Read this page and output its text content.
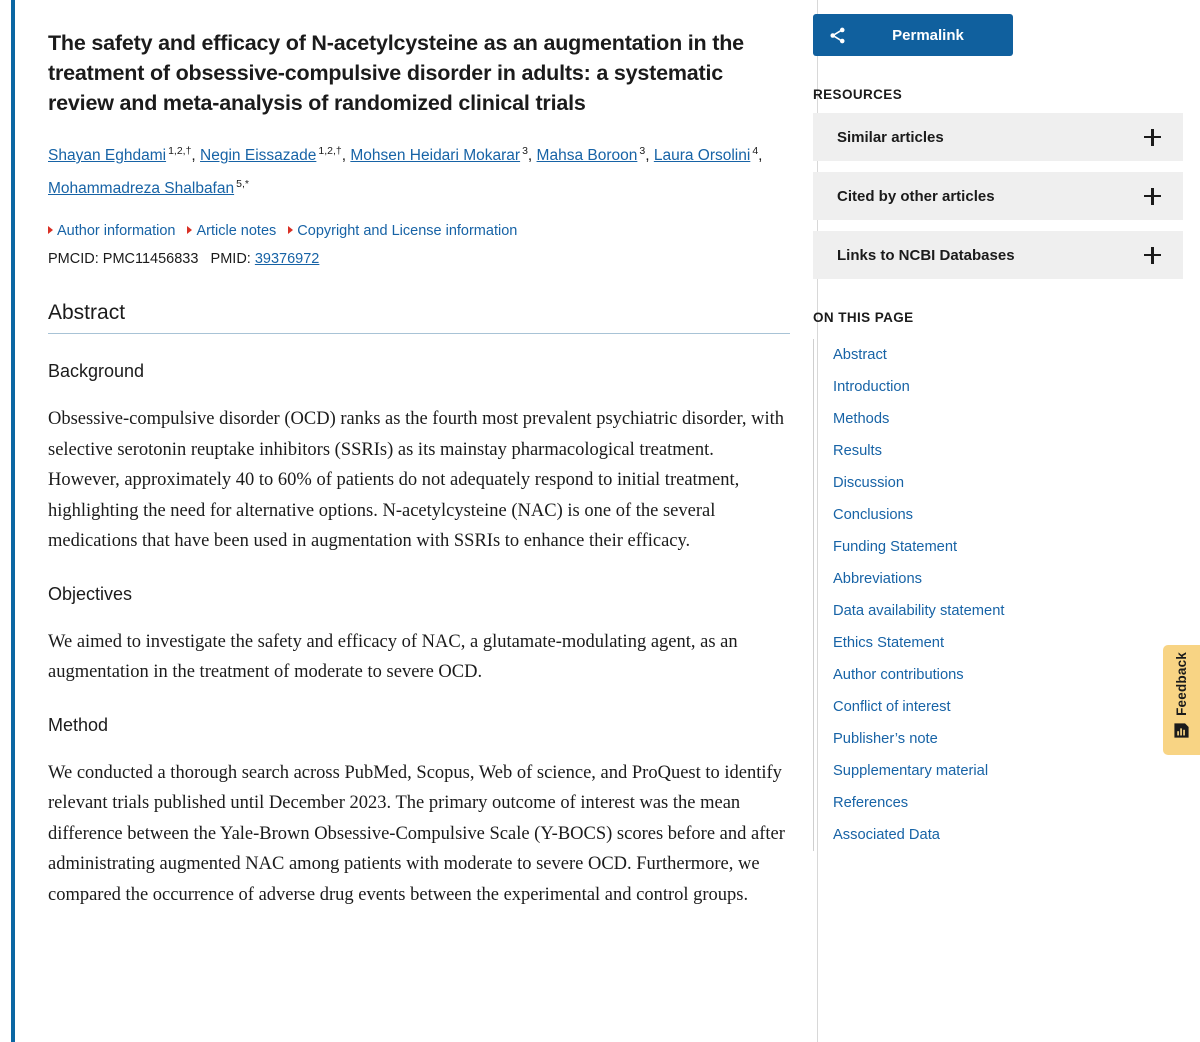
The safety and efficacy of N-acetylcysteine as an augmentation in the treatment of obsessive-compulsive disorder in adults: a systematic review and meta-analysis of randomized clinical trials
Shayan Eghdami $^{1,2,\dagger}$, Negin Eissazade $^{1,2,\dagger}$, Mohsen Heidari Mokarar $^3$, Mahsa Boroon $^3$, Laura Orsolini $^4$, Mohammadreza Shalbafan $^{5,*}$
Author information Article notes Copyright and License information
PMCID: PMC11456833 PMID: 39376972
Abstract
Background

Obsessive-compulsive disorder (OCD) ranks as the fourth most prevalent psychiatric disorder, with selective serotonin reuptake inhibitors (SSRIs) as its mainstay pharmacological treatment. However, approximately 40 to 60% of patients do not adequately respond to initial treatment, highlighting the need for alternative options. N-acetylcysteine (NAC) is one of the several medications that have been used in augmentation with SSRIs to enhance their efficacy.

Objectives

We aimed to investigate the safety and efficacy of NAC, a glutamate-modulating agent, as an augmentation in the treatment of moderate to severe OCD.

Method

We conducted a thorough search across PubMed, Scopus, Web of science, and ProQuest to identify relevant trials published until December 2023. The primary outcome of interest was the mean difference between the Yale-Brown Obsessive-Compulsive Scale (Y-BOCS) scores before and after administrating augmented NAC among patients with moderate to severe OCD. Furthermore, we compared the occurrence of adverse drug events between the experimental and control groups.

Permalink
RESOURCES
Similar articles
Cited by other articles
Links to NCBI Databases
ON THIS PAGE
Abstract
Introduction
Methods
Results
Discussion
Conclusions
Funding Statement
Abbreviations
Data availability statement
Ethics Statement
Author contributions
Conflict of interest
Publisher’s note
Supplementary material
References
Associated Data
Feedback
